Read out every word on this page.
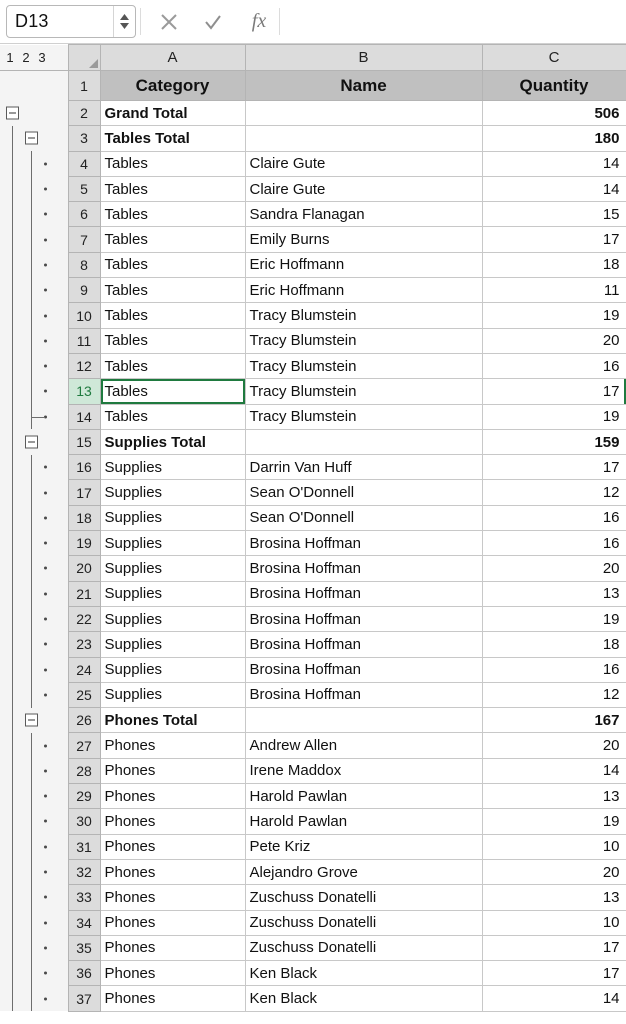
D13	fx
1 2 3		A	B	C

	1	Category	Name	Quantity

	2	Grand Total		506

	3	Tables Total		180

	4	Tables	Claire Gute	14

	5	Tables	Claire Gute	14

	6	Tables	Sandra Flanagan	15

	7	Tables	Emily Burns	17

	8	Tables	Eric Hoffmann	18

	9	Tables	Eric Hoffmann	11

	10	Tables	Tracy Blumstein	19

	11	Tables	Tracy Blumstein	20

	12	Tables	Tracy Blumstein	16

	13	Tables	Tracy Blumstein	17

	14	Tables	Tracy Blumstein	19

	15	Supplies Total		159

	16	Supplies	Darrin Van Huff	17

	17	Supplies	Sean O'Donnell	12

	18	Supplies	Sean O'Donnell	16

	19	Supplies	Brosina Hoffman	16

	20	Supplies	Brosina Hoffman	20

	21	Supplies	Brosina Hoffman	13

	22	Supplies	Brosina Hoffman	19

	23	Supplies	Brosina Hoffman	18

	24	Supplies	Brosina Hoffman	16

	25	Supplies	Brosina Hoffman	12

	26	Phones Total		167

	27	Phones	Andrew Allen	20

	28	Phones	Irene Maddox	14

	29	Phones	Harold Pawlan	13

	30	Phones	Harold Pawlan	19

	31	Phones	Pete Kriz	10

	32	Phones	Alejandro Grove	20

	33	Phones	Zuschuss Donatelli	13

	34	Phones	Zuschuss Donatelli	10

	35	Phones	Zuschuss Donatelli	17

	36	Phones	Ken Black	17

	37	Phones	Ken Black	14
